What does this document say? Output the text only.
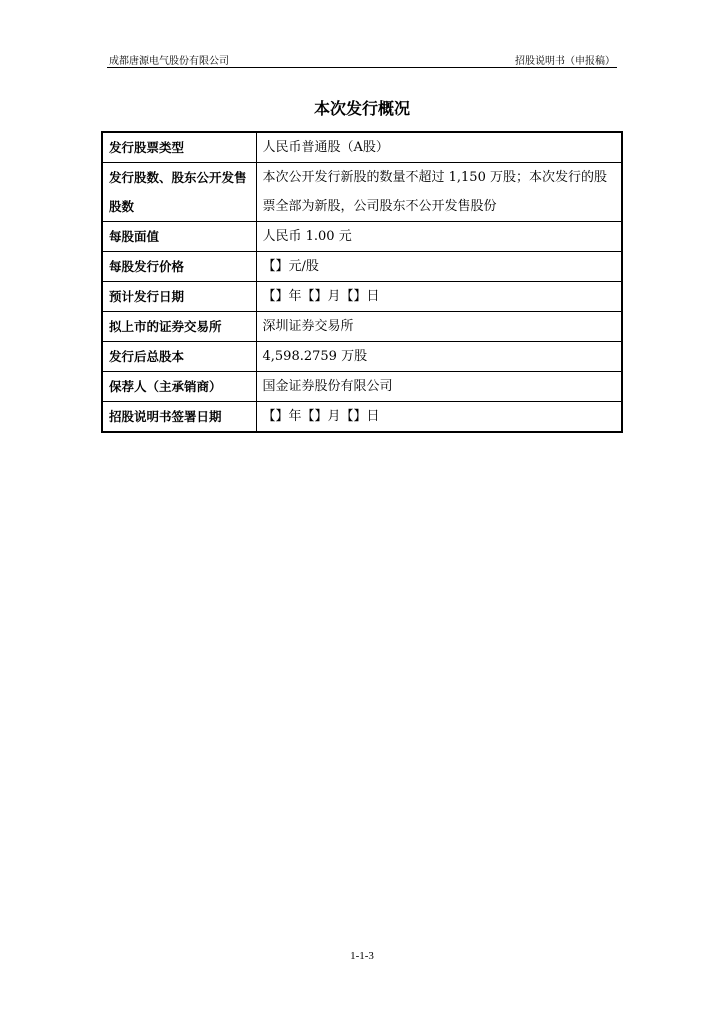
成都唐源电气股份有限公司	招股说明书（申报稿）
本次发行概况
发行股票类型	人民币普通股（A股）
发行股数、股东公开发售股数	本次公开发行新股的数量不超过 1,150 万股；本次发行的股票全部为新股，公司股东不公开发售股份
每股面值	人民币 1.00 元
每股发行价格	【】元/股
预计发行日期	【】年【】月【】日
拟上市的证券交易所	深圳证券交易所
发行后总股本	4,598.2759 万股
保荐人（主承销商）	国金证券股份有限公司
招股说明书签署日期	【】年【】月【】日
1-1-3
